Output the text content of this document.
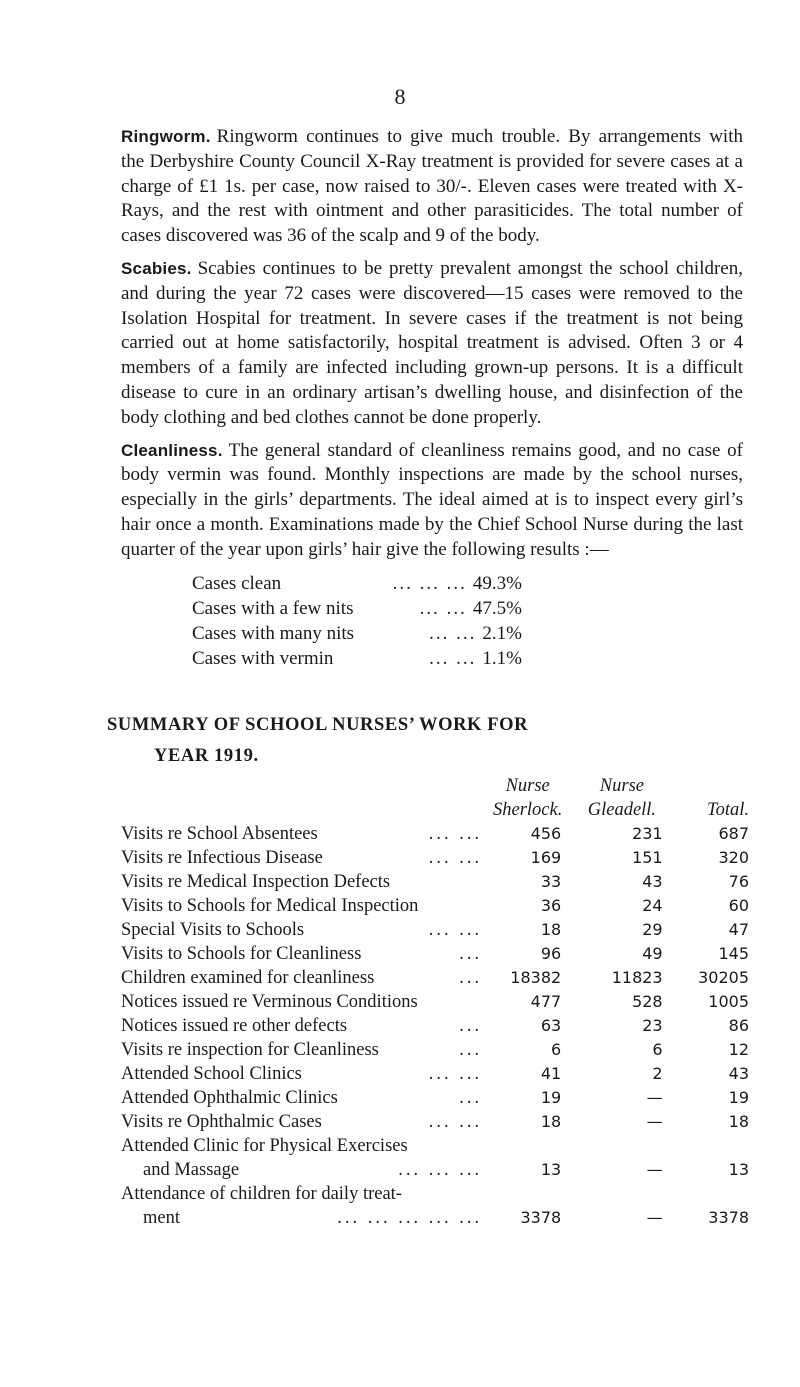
8

Ringworm. Ringworm continues to give much trouble. By arrangements with the Derbyshire County Council X-Ray treatment is provided for severe cases at a charge of £1 1s. per case, now raised to 30/-. Eleven cases were treated with X-Rays, and the rest with ointment and other parasiticides. The total number of cases discovered was 36 of the scalp and 9 of the body.

Scabies. Scabies continues to be pretty prevalent amongst the school children, and during the year 72 cases were discovered—15 cases were removed to the Isolation Hospital for treatment. In severe cases if the treatment is not being carried out at home satisfactorily, hospital treatment is advised. Often 3 or 4 members of a family are infected including grown-up persons. It is a difficult disease to cure in an ordinary artisan’s dwelling house, and disinfection of the body clothing and bed clothes cannot be done properly.

Cleanliness. The general standard of cleanliness remains good, and no case of body vermin was found. Monthly inspections are made by the school nurses, especially in the girls’ departments. The ideal aimed at is to inspect every girl’s hair once a month. Examinations made by the Chief School Nurse during the last quarter of the year upon girls’ hair give the following results :—

Cases clean	... ... ... 49.3%
Cases with a few nits	... ... 47.5%
Cases with many nits	... ... 2.1%
Cases with vermin	... ... 1.1%
SUMMARY OF SCHOOL NURSES’ WORK FOR
YEAR 1919.
	Nurse	Nurse	
	Sherlock.	Gleadell.	Total.

Visits re School Absentees ... ...	456	231	687

Visits re Infectious Disease ... ...	169	151	320

Visits re Medical Inspection Defects	33	43	76

Visits to Schools for Medical Inspection	36	24	60

Special Visits to Schools ... ...	18	29	47

Visits to Schools for Cleanliness ...	96	49	145

Children examined for cleanliness ...	18382	11823	30205

Notices issued re Verminous Conditions	477	528	1005

Notices issued re other defects ...	63	23	86

Visits re inspection for Cleanliness ...	6	6	12

Attended School Clinics ... ...	41	2	43

Attended Ophthalmic Clinics ...	19	—	19

Visits re Ophthalmic Cases ... ...	18	—	18

Attended Clinic for Physical Exercises
and Massage ... ... ...	13	—	13

Attendance of children for daily treat-
ment ... ... ... ... ...	3378	—	3378
